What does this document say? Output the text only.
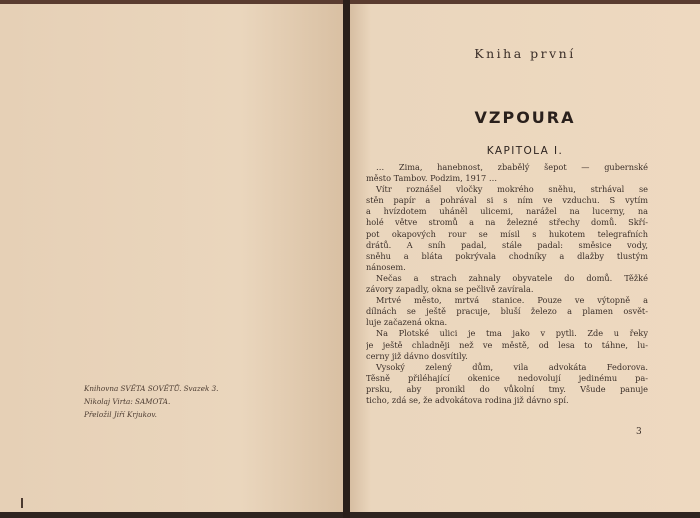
Knihovna SVĚTA SOVĚTŮ. Svazek 3.
Nikolaj Virta: SAMOTA.
Přeložil Jiří Krjukov.
Kniha první
VZPOURA
KAPITOLA I.

… Zima, hanebnost, zbabělý šepot — gubernské
město Tambov. Podzim, 1917 …

Vítr roznášel vločky mokrého sněhu, strhával se
stěn papír a pohrával si s ním ve vzduchu. S vytím
a hvízdotem uháněl ulicemi, narážel na lucerny, na
holé větve stromů a na železné střechy domů. Skří-
pot okapových rour se mísil s hukotem telegrafních
drátů. A sníh padal, stále padal: směsice vody,
sněhu a bláta pokrývala chodníky a dlažby tlustým
nánosem.

Nečas a strach zahnaly obyvatele do domů. Těžké
závory zapadly, okna se pečlivě zavírala.

Mrtvé město, mrtvá stanice. Pouze ve výtopně a
dílnách se ještě pracuje, bluší železo a plamen osvět-
luje začazená okna.

Na Plotské ulici je tma jako v pytli. Zde u řeky
je ještě chladněji než ve městě, od lesa to táhne, lu-
cerny již dávno dosvítily.

Vysoký zelený dům, vila advokáta Fedorova.
Těsně přiléhající okenice nedovolují jedinému pa-
prsku, aby pronikl do vůkolní tmy. Všude panuje
ticho, zdá se, že advokátova rodina již dávno spí.

3
